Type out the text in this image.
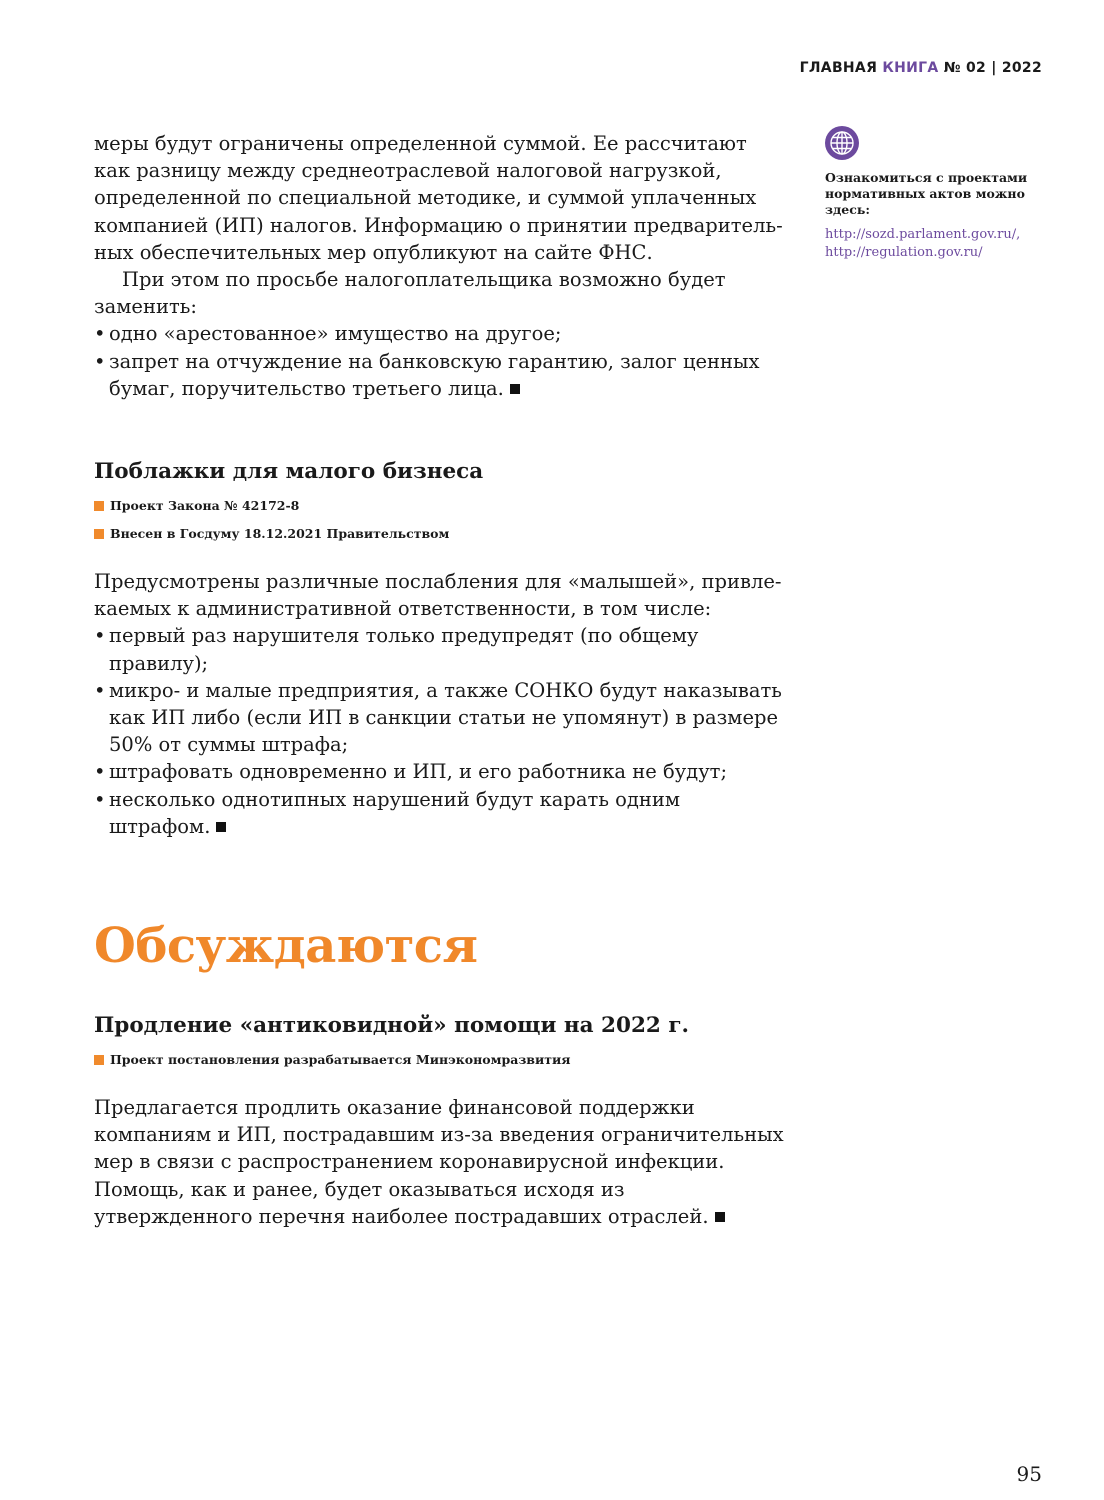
ГЛАВНАЯ КНИГА № 02 | 2022

меры будут ограничены определенной суммой. Ее рассчитают как разницу между среднеотраслевой налоговой нагрузкой, определенной по специальной методике, и суммой уплаченных компанией (ИП) налогов. Информацию о принятии предварительных обеспечительных мер опубликуют на сайте ФНС.

При этом по просьбе налогоплательщика возможно будет заменить:

• одно «арестованное» имущество на другое;
• запрет на отчуждение на банковскую гарантию, залог ценных бумаг, поручительство третьего лица.
Поблажки для малого бизнеса
Проект Закона № 42172-8
Внесен в Госдуму 18.12.2021 Правительством

Предусмотрены различные послабления для «малышей», привлекаемых к административной ответственности, в том числе:

• первый раз нарушителя только предупредят (по общему правилу);
• микро- и малые предприятия, а также СОНКО будут наказывать как ИП либо (если ИП в санкции статьи не упомянут) в размере 50% от суммы штрафа;
• штрафовать одновременно и ИП, и его работника не будут;
• несколько однотипных нарушений будут карать одним штрафом.
Обсуждаются
Продление «антиковидной» помощи на 2022 г.
Проект постановления разрабатывается Минэкономразвития

Предлагается продлить оказание финансовой поддержки компаниям и ИП, пострадавшим из-за введения ограничительных мер в связи с распространением коронавирусной инфекции. Помощь, как и ранее, будет оказываться исходя из утвержденного перечня наиболее пострадавших отраслей.

Ознакомиться с проектами нормативных актов можно здесь:
http://sozd.parlament.gov.ru/,
http://regulation.gov.ru/
95
